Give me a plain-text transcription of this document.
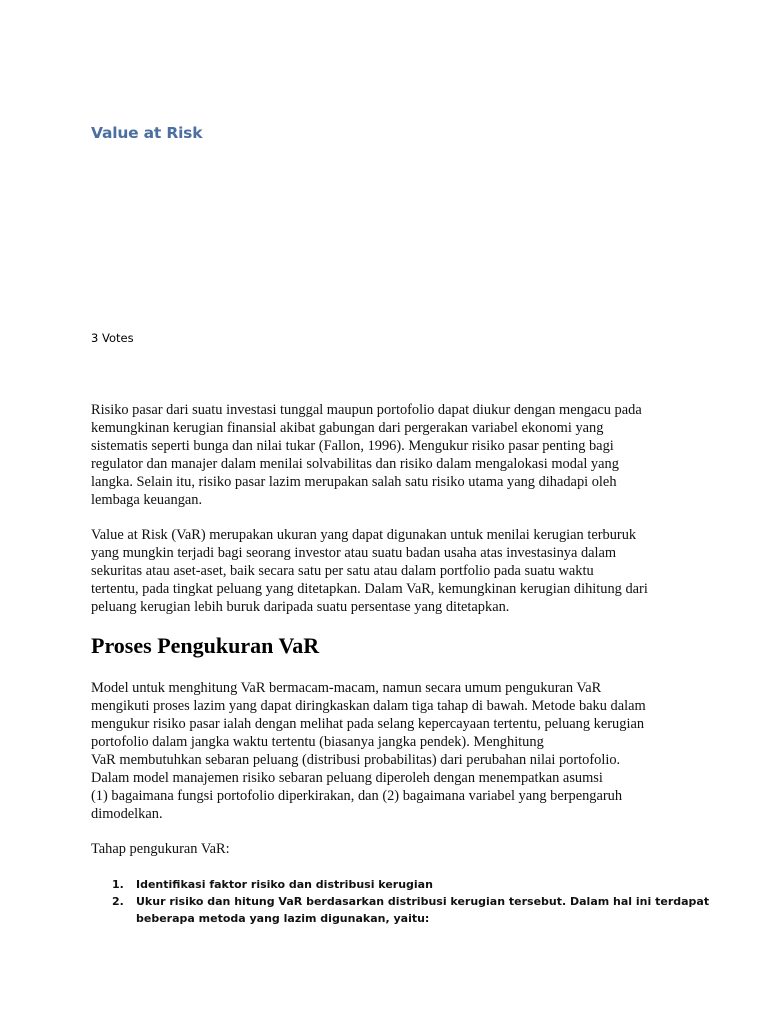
Value at Risk

3 Votes

Risiko pasar dari suatu investasi tunggal maupun portofolio dapat diukur dengan mengacu pada
kemungkinan kerugian finansial akibat gabungan dari pergerakan variabel ekonomi yang
sistematis seperti bunga dan nilai tukar (Fallon, 1996). Mengukur risiko pasar penting bagi
regulator dan manajer dalam menilai solvabilitas dan risiko dalam mengalokasi modal yang
langka. Selain itu, risiko pasar lazim merupakan salah satu risiko utama yang dihadapi oleh
lembaga keuangan.

Value at Risk (VaR) merupakan ukuran yang dapat digunakan untuk menilai kerugian terburuk
yang mungkin terjadi bagi seorang investor atau suatu badan usaha atas investasinya dalam
sekuritas atau aset-aset, baik secara satu per satu atau dalam portfolio pada suatu waktu
tertentu, pada tingkat peluang yang ditetapkan. Dalam VaR, kemungkinan kerugian dihitung dari
peluang kerugian lebih buruk daripada suatu persentase yang ditetapkan.

Proses Pengukuran VaR

Model untuk menghitung VaR bermacam-macam, namun secara umum pengukuran VaR
mengikuti proses lazim yang dapat diringkaskan dalam tiga tahap di bawah. Metode baku dalam
mengukur risiko pasar ialah dengan melihat pada selang kepercayaan tertentu, peluang kerugian
portofolio dalam jangka waktu tertentu (biasanya jangka pendek). Menghitung
VaR membutuhkan sebaran peluang (distribusi probabilitas) dari perubahan nilai portofolio.
Dalam model manajemen risiko sebaran peluang diperoleh dengan menempatkan asumsi
(1) bagaimana fungsi portofolio diperkirakan, dan (2) bagaimana variabel yang berpengaruh
dimodelkan.

Tahap pengukuran VaR:

1. Identifikasi faktor risiko dan distribusi kerugian
2. Ukur risiko dan hitung VaR berdasarkan distribusi kerugian tersebut. Dalam hal ini terdapat
beberapa metoda yang lazim digunakan, yaitu:
